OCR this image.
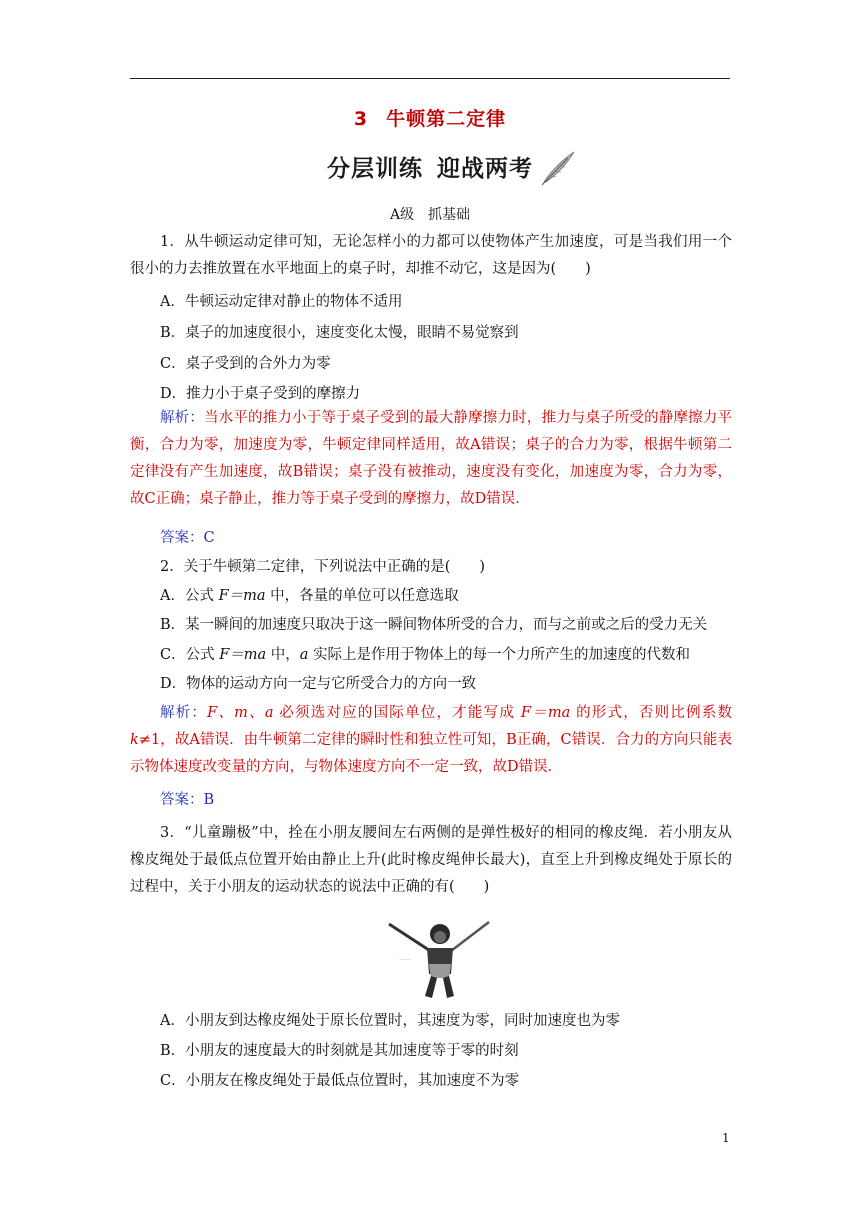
3 牛顿第二定律
分层训练 迎战两考
A级　抓基础
1．从牛顿运动定律可知，无论怎样小的力都可以使物体产生加速度，可是当我们用一个很小的力去推放置在水平地面上的桌子时，却推不动它，这是因为(　　)
A．牛顿运动定律对静止的物体不适用
B．桌子的加速度很小，速度变化太慢，眼睛不易觉察到
C．桌子受到的合外力为零
D．推力小于桌子受到的摩擦力
解析：当水平的推力小于等于桌子受到的最大静摩擦力时，推力与桌子所受的静摩擦力平衡，合力为零，加速度为零，牛顿定律同样适用，故A错误；桌子的合力为零，根据牛顿第二定律没有产生加速度，故B错误；桌子没有被推动，速度没有变化，加速度为零，合力为零，故C正确；桌子静止，推力等于桌子受到的摩擦力，故D错误．
答案：C
2．关于牛顿第二定律，下列说法中正确的是(　　)
A．公式 F＝ma 中，各量的单位可以任意选取
B．某一瞬间的加速度只取决于这一瞬间物体所受的合力，而与之前或之后的受力无关
C．公式 F＝ma 中，a 实际上是作用于物体上的每一个力所产生的加速度的代数和
D．物体的运动方向一定与它所受合力的方向一致
解析：F、m、a 必须选对应的国际单位，才能写成 F＝ma 的形式，否则比例系数 k≠1，故A错误．由牛顿第二定律的瞬时性和独立性可知，B正确，C错误．合力的方向只能表示物体速度改变量的方向，与物体速度方向不一定一致，故D错误．
答案：B
3．“儿童蹦极”中，拴在小朋友腰间左右两侧的是弹性极好的相同的橡皮绳．若小朋友从橡皮绳处于最低点位置开始由静止上升(此时橡皮绳伸长最大)，直至上升到橡皮绳处于原长的过程中，关于小朋友的运动状态的说法中正确的有(　　)
~~~
A．小朋友到达橡皮绳处于原长位置时，其速度为零，同时加速度也为零
B．小朋友的速度最大的时刻就是其加速度等于零的时刻
C．小朋友在橡皮绳处于最低点位置时，其加速度不为零
1
